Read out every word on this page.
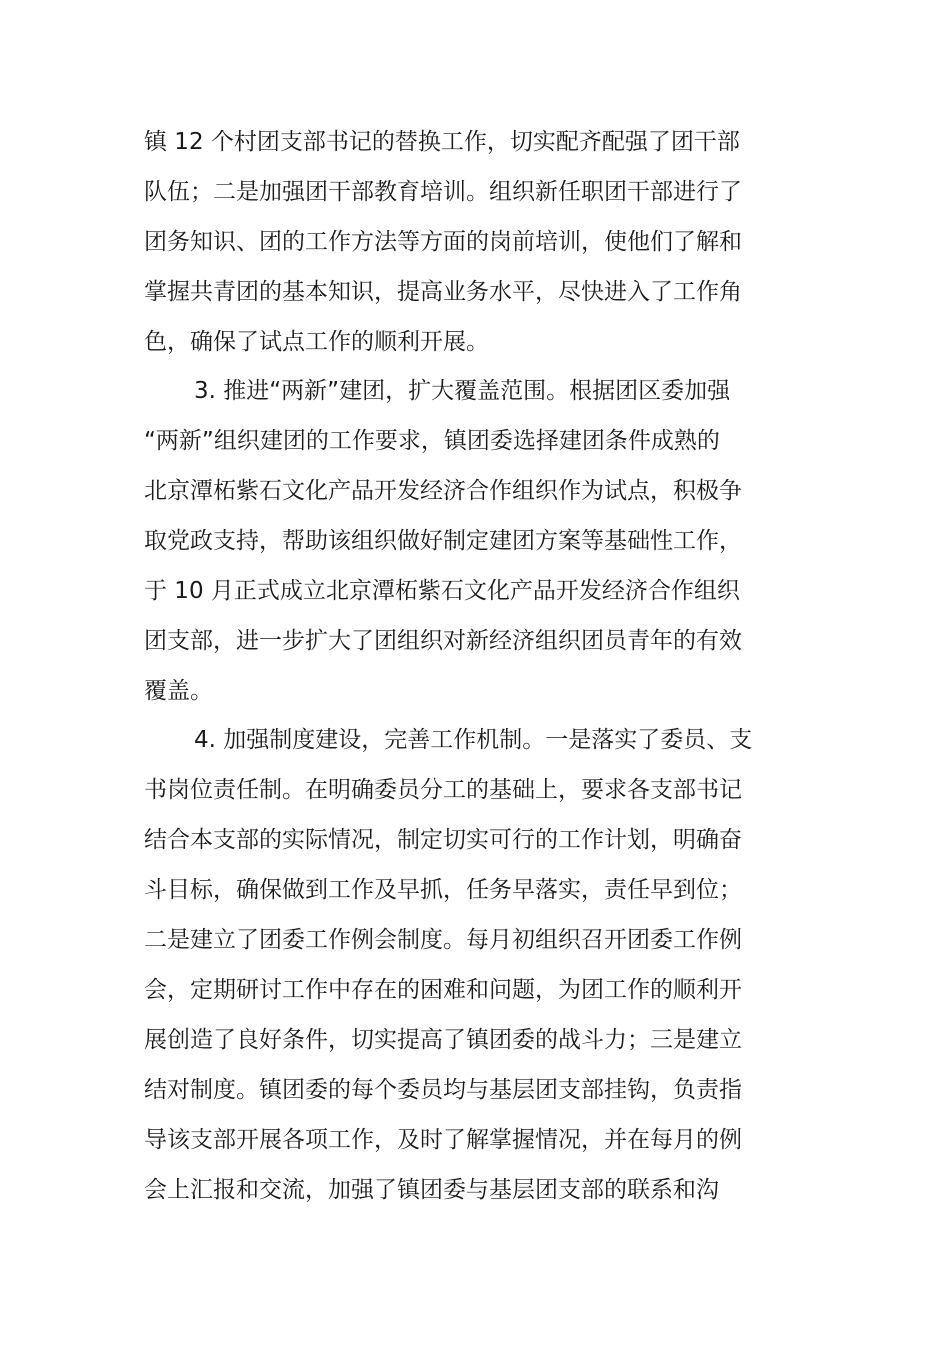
镇 12 个村团支部书记的替换工作，切实配齐配强了团干部
队伍；二是加强团干部教育培训。组织新任职团干部进行了
团务知识、团的工作方法等方面的岗前培训，使他们了解和
掌握共青团的基本知识，提高业务水平，尽快进入了工作角
色，确保了试点工作的顺利开展。
3. 推进“两新”建团，扩大覆盖范围。根据团区委加强
“两新”组织建团的工作要求，镇团委选择建团条件成熟的
北京潭柘紫石文化产品开发经济合作组织作为试点，积极争
取党政支持，帮助该组织做好制定建团方案等基础性工作，
于 10 月正式成立北京潭柘紫石文化产品开发经济合作组织
团支部，进一步扩大了团组织对新经济组织团员青年的有效
覆盖。
4. 加强制度建设，完善工作机制。一是落实了委员、支
书岗位责任制。在明确委员分工的基础上，要求各支部书记
结合本支部的实际情况，制定切实可行的工作计划，明确奋
斗目标，确保做到工作及早抓，任务早落实，责任早到位；
二是建立了团委工作例会制度。每月初组织召开团委工作例
会，定期研讨工作中存在的困难和问题，为团工作的顺利开
展创造了良好条件，切实提高了镇团委的战斗力；三是建立
结对制度。镇团委的每个委员均与基层团支部挂钩，负责指
导该支部开展各项工作，及时了解掌握情况，并在每月的例
会上汇报和交流，加强了镇团委与基层团支部的联系和沟
